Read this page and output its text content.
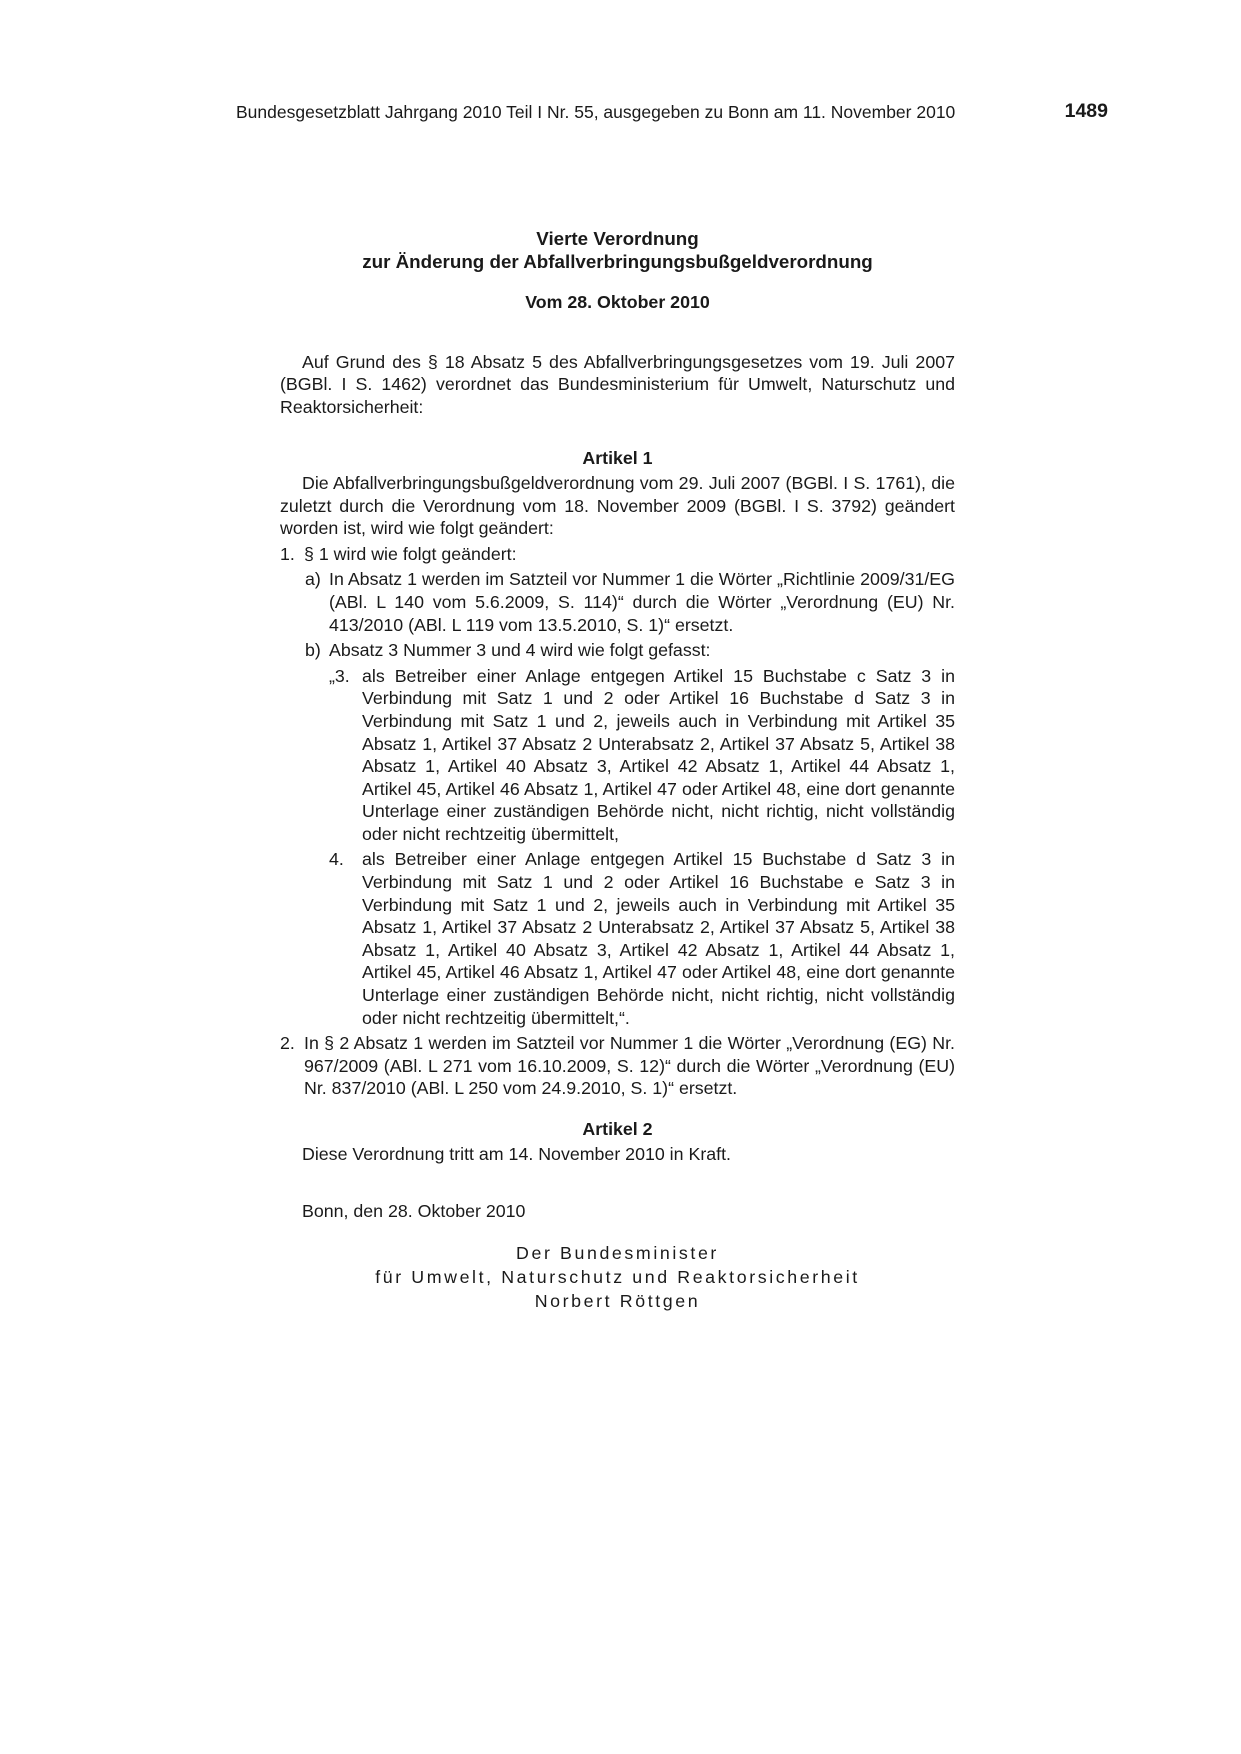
Bundesgesetzblatt Jahrgang 2010 Teil I Nr. 55, ausgegeben zu Bonn am 11. November 2010	1489
Vierte Verordnung
zur Änderung der Abfallverbringungsbußgeldverordnung
Vom 28. Oktober 2010

Auf Grund des § 18 Absatz 5 des Abfallverbringungsgesetzes vom 19. Juli 2007 (BGBl. I S. 1462) verordnet das Bundesministerium für Umwelt, Naturschutz und Reaktorsicherheit:

Artikel 1

Die Abfallverbringungsbußgeldverordnung vom 29. Juli 2007 (BGBl. I S. 1761), die zuletzt durch die Verordnung vom 18. November 2009 (BGBl. I S. 3792) geändert worden ist, wird wie folgt geändert:

1. § 1 wird wie folgt geändert:
a) In Absatz 1 werden im Satzteil vor Nummer 1 die Wörter „Richtlinie 2009/31/EG (ABl. L 140 vom 5.6.2009, S. 114)“ durch die Wörter „Verordnung (EU) Nr. 413/2010 (ABl. L 119 vom 13.5.2010, S. 1)“ ersetzt.
b) Absatz 3 Nummer 3 und 4 wird wie folgt gefasst:
„3. als Betreiber einer Anlage entgegen Artikel 15 Buchstabe c Satz 3 in Verbindung mit Satz 1 und 2 oder Artikel 16 Buchstabe d Satz 3 in Verbindung mit Satz 1 und 2, jeweils auch in Verbindung mit Artikel 35 Absatz 1, Artikel 37 Absatz 2 Unterabsatz 2, Artikel 37 Absatz 5, Artikel 38 Absatz 1, Artikel 40 Absatz 3, Artikel 42 Absatz 1, Artikel 44 Absatz 1, Artikel 45, Artikel 46 Absatz 1, Artikel 47 oder Artikel 48, eine dort genannte Unterlage einer zuständigen Behörde nicht, nicht richtig, nicht vollständig oder nicht rechtzeitig übermittelt,
4. als Betreiber einer Anlage entgegen Artikel 15 Buchstabe d Satz 3 in Verbindung mit Satz 1 und 2 oder Artikel 16 Buchstabe e Satz 3 in Verbindung mit Satz 1 und 2, jeweils auch in Verbindung mit Artikel 35 Absatz 1, Artikel 37 Absatz 2 Unterabsatz 2, Artikel 37 Absatz 5, Artikel 38 Absatz 1, Artikel 40 Absatz 3, Artikel 42 Absatz 1, Artikel 44 Absatz 1, Artikel 45, Artikel 46 Absatz 1, Artikel 47 oder Artikel 48, eine dort genannte Unterlage einer zuständigen Behörde nicht, nicht richtig, nicht vollständig oder nicht rechtzeitig übermittelt,“.
2. In § 2 Absatz 1 werden im Satzteil vor Nummer 1 die Wörter „Verordnung (EG) Nr. 967/2009 (ABl. L 271 vom 16.10.2009, S. 12)“ durch die Wörter „Verordnung (EU) Nr. 837/2010 (ABl. L 250 vom 24.9.2010, S. 1)“ ersetzt.
Artikel 2

Diese Verordnung tritt am 14. November 2010 in Kraft.

Bonn, den 28. Oktober 2010
Der Bundesminister
für Umwelt, Naturschutz und Reaktorsicherheit
Norbert Röttgen
